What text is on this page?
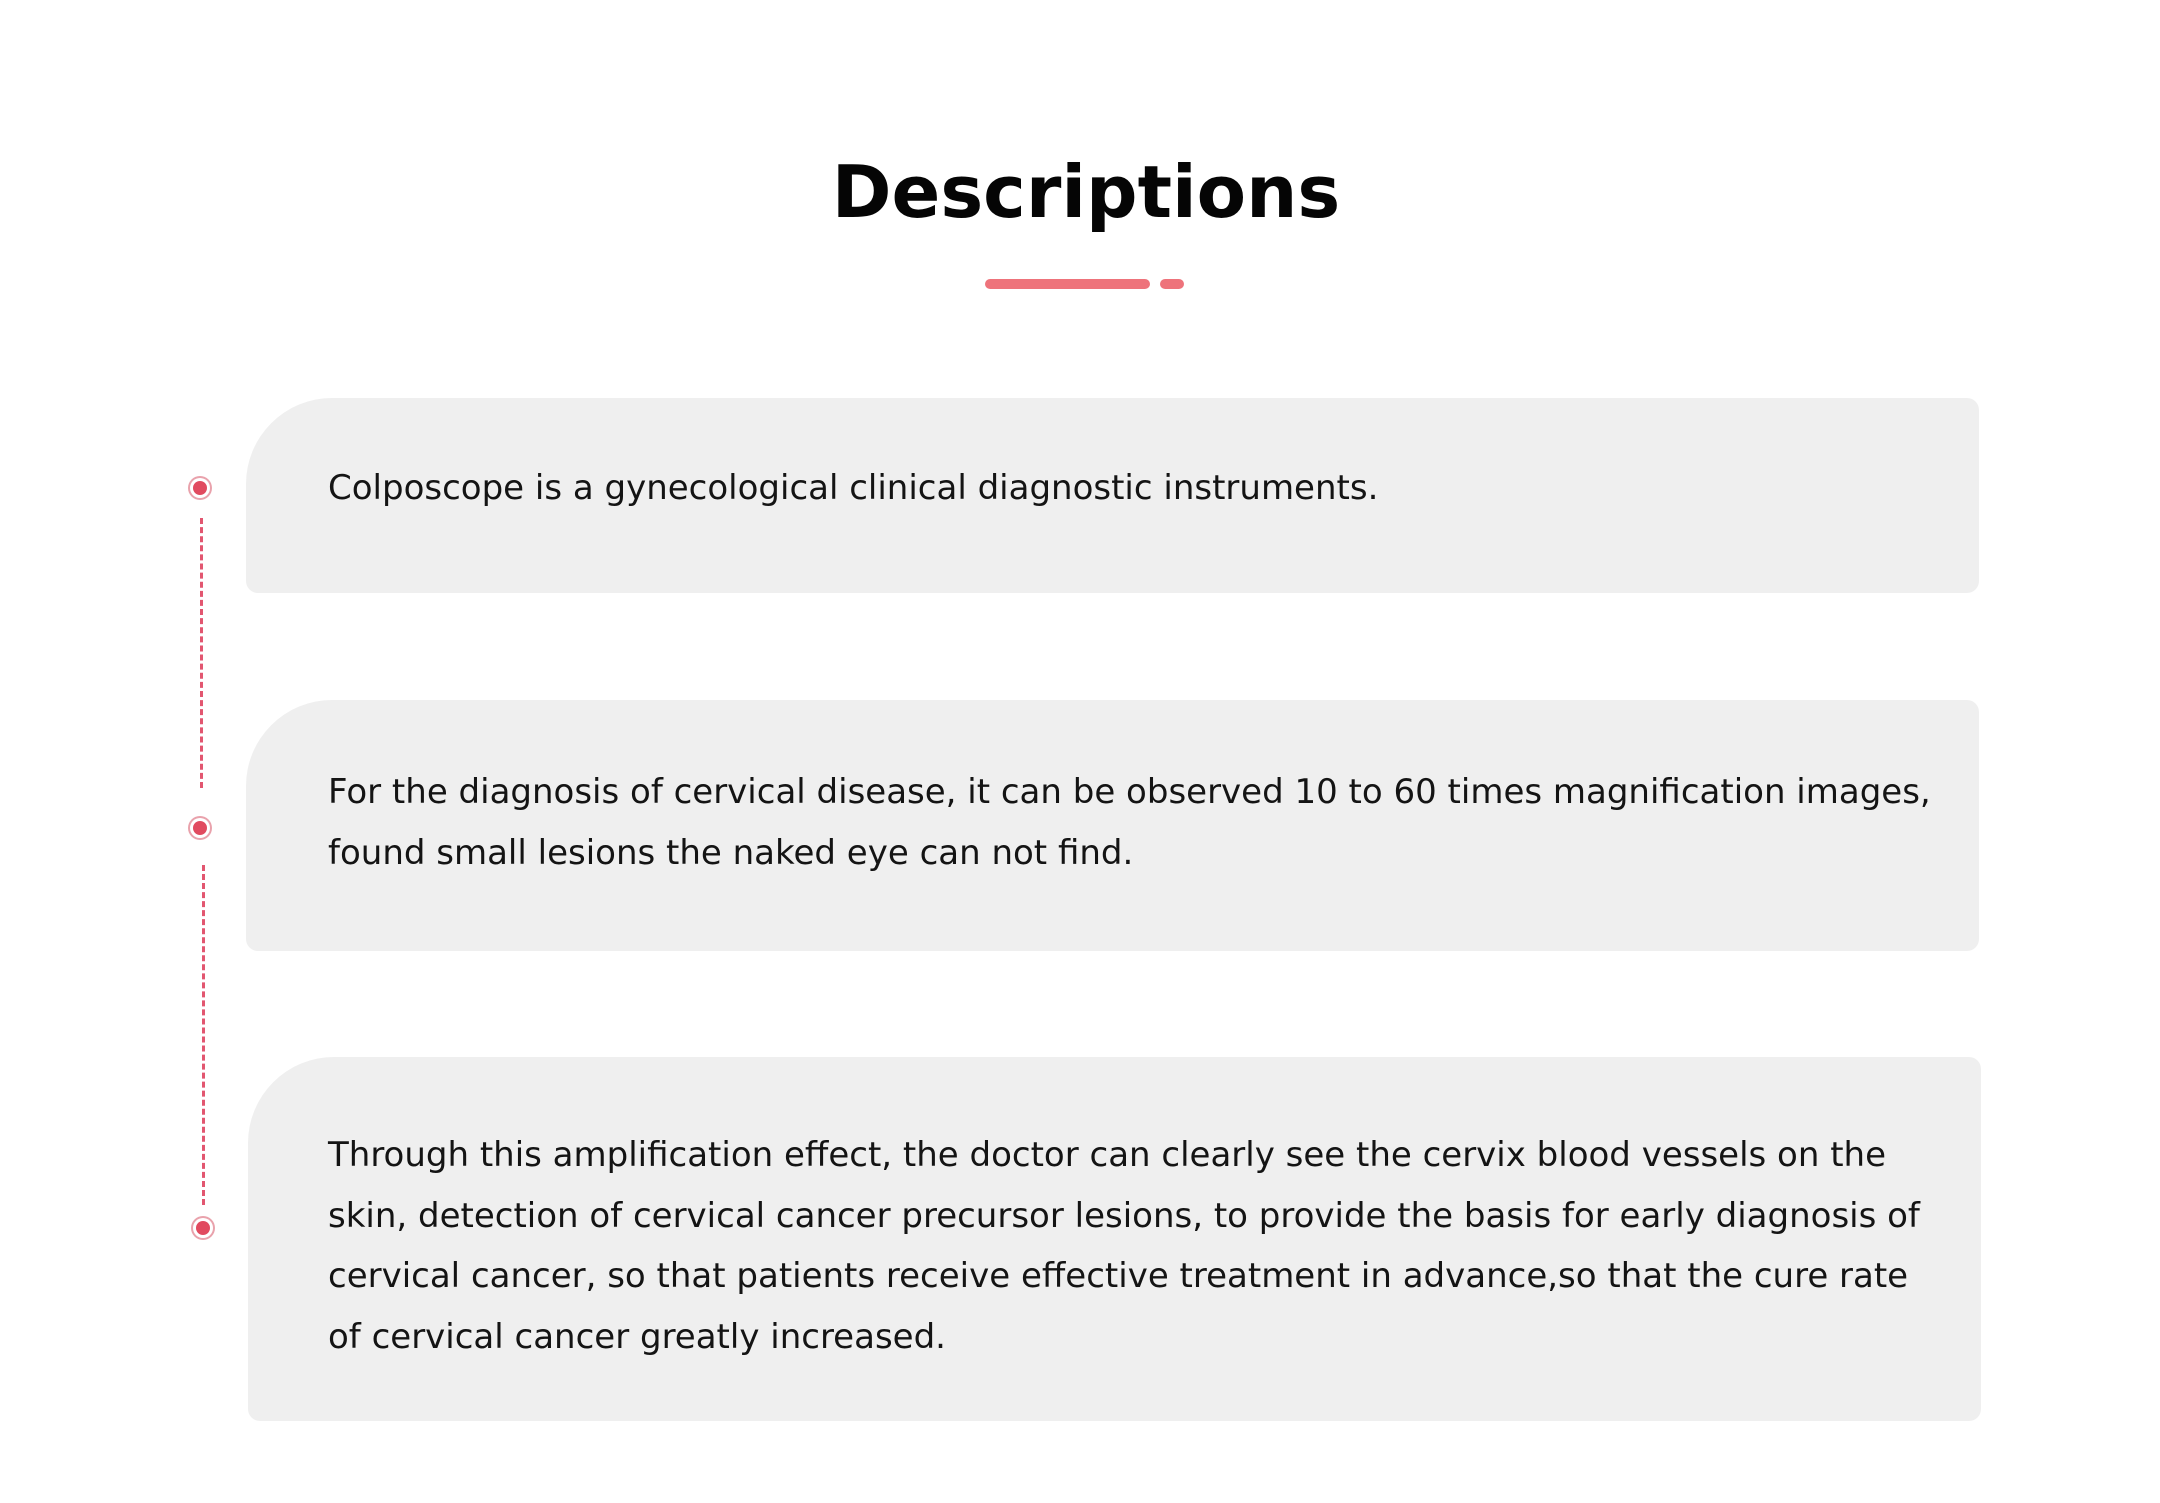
Descriptions

Colposcope is a gynecological clinical diagnostic instruments.

For the diagnosis of cervical disease, it can be observed 10 to 60 times magnification images, found small lesions the naked eye can not find.

Through this amplification effect, the doctor can clearly see the cervix blood vessels on the skin, detection of cervical cancer precursor lesions, to provide the basis for early diagnosis of cervical cancer, so that patients receive effective treatment in advance,so that the cure rate of cervical cancer greatly increased.
